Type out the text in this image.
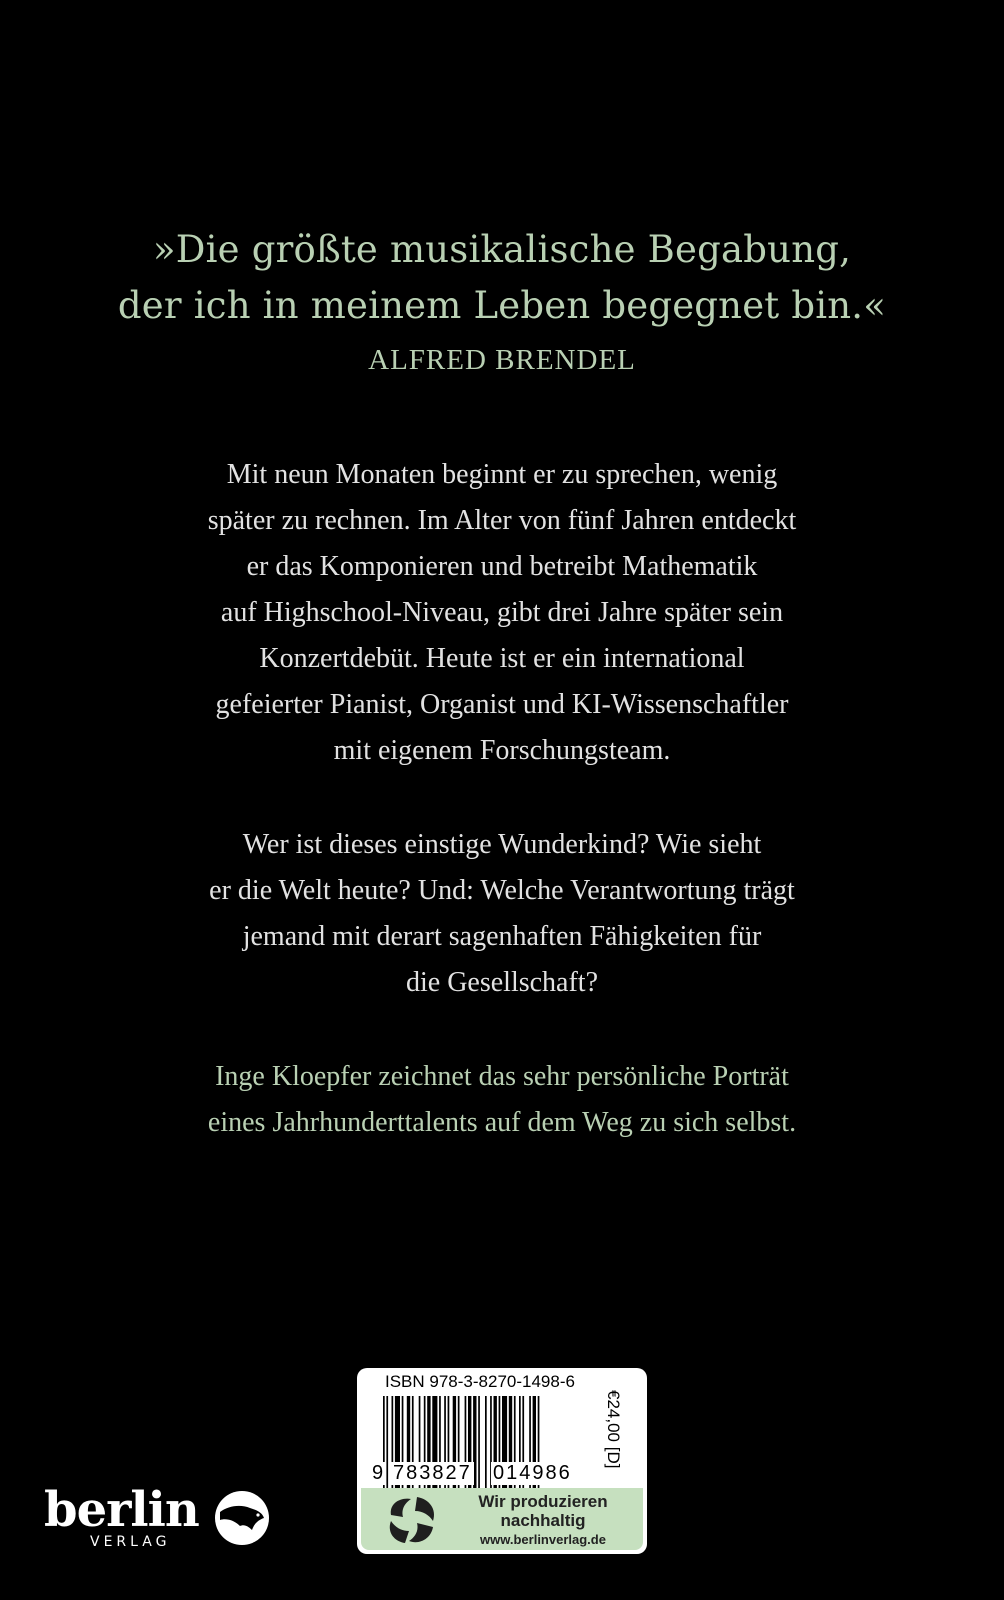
»Die größte musikalische Begabung,
der ich in meinem Leben begegnet bin.«
ALFRED BRENDEL
Mit neun Monaten beginnt er zu sprechen, wenig
später zu rechnen. Im Alter von fünf Jahren entdeckt
er das Komponieren und betreibt Mathematik
auf Highschool-Niveau, gibt drei Jahre später sein
Konzertdebüt. Heute ist er ein international
gefeierter Pianist, Organist und KI-Wissenschaftler
mit eigenem Forschungsteam.
Wer ist dieses einstige Wunderkind? Wie sieht
er die Welt heute? Und: Welche Verantwortung trägt
jemand mit derart sagenhaften Fähigkeiten für
die Gesellschaft?
Inge Kloepfer zeichnet das sehr persönliche Porträt
eines Jahrhunderttalents auf dem Weg zu sich selbst.
ISBN 978-3-8270-1498-6
9 783827 014986
€24,00 [D]
Wir produzieren
nachhaltig
www.berlinverlag.de
berlin
VERLAG
